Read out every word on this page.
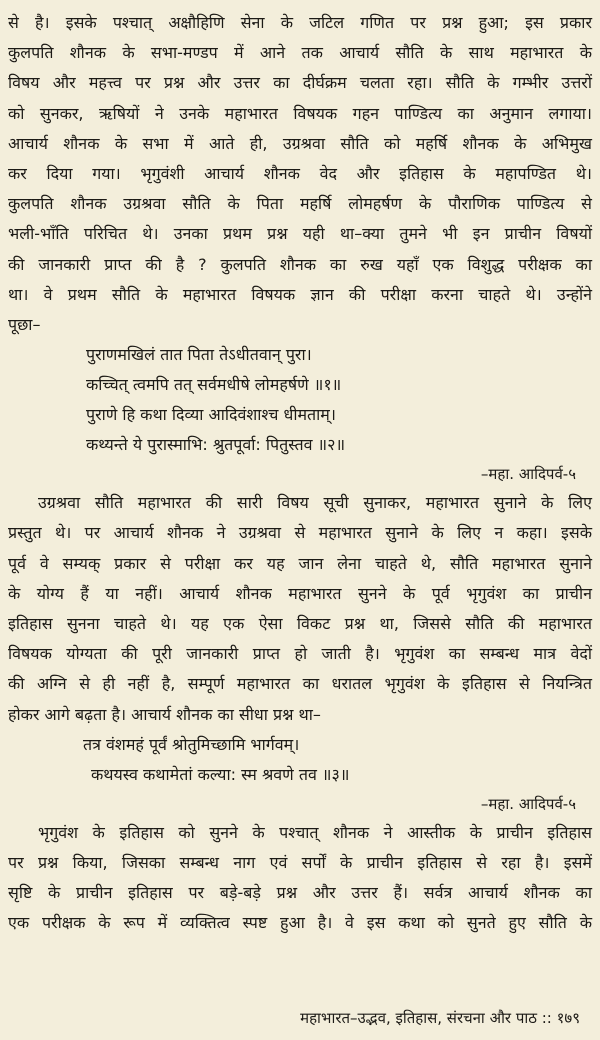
से है। इसके पश्चात् अक्षौहिणि सेना के जटिल गणित पर प्रश्न हुआ; इस प्रकार
कुलपति शौनक के सभा-मण्डप में आने तक आचार्य सौति के साथ महाभारत के
विषय और महत्त्व पर प्रश्न और उत्तर का दीर्घक्रम चलता रहा। सौति के गम्भीर उत्तरों
को सुनकर, ऋषियों ने उनके महाभारत विषयक गहन पाण्डित्य का अनुमान लगाया।
आचार्य शौनक के सभा में आते ही, उग्रश्रवा सौति को महर्षि शौनक के अभिमुख
कर दिया गया। भृगुवंशी आचार्य शौनक वेद और इतिहास के महापण्डित थे।
कुलपति शौनक उग्रश्रवा सौति के पिता महर्षि लोमहर्षण के पौराणिक पाण्डित्य से
भली-भाँति परिचित थे। उनका प्रथम प्रश्न यही था–क्या तुमने भी इन प्राचीन विषयों
की जानकारी प्राप्त की है ? कुलपति शौनक का रुख यहाँ एक विशुद्ध परीक्षक का
था। वे प्रथम सौति के महाभारत विषयक ज्ञान की परीक्षा करना चाहते थे। उन्होंने
पूछा–
पुराणमखिलं तात पिता तेऽधीतवान् पुरा।
कच्चित् त्वमपि तत् सर्वमधीषे लोमहर्षणे ॥१॥
पुराणे हि कथा दिव्या आदिवंशाश्च धीमताम्।
कथ्यन्ते ये पुरास्माभि: श्रुतपूर्वा: पितुस्तव ॥२॥

–महा. आदिपर्व-५

उग्रश्रवा सौति महाभारत की सारी विषय सूची सुनाकर, महाभारत सुनाने के लिए
प्रस्तुत थे। पर आचार्य शौनक ने उग्रश्रवा से महाभारत सुनाने के लिए न कहा। इसके
पूर्व वे सम्यक् प्रकार से परीक्षा कर यह जान लेना चाहते थे, सौति महाभारत सुनाने
के योग्य हैं या नहीं। आचार्य शौनक महाभारत सुनने के पूर्व भृगुवंश का प्राचीन
इतिहास सुनना चाहते थे। यह एक ऐसा विकट प्रश्न था, जिससे सौति की महाभारत
विषयक योग्यता की पूरी जानकारी प्राप्त हो जाती है। भृगुवंश का सम्बन्ध मात्र वेदों
की अग्नि से ही नहीं है, सम्पूर्ण महाभारत का धरातल भृगुवंश के इतिहास से नियन्त्रित
होकर आगे बढ़ता है। आचार्य शौनक का सीधा प्रश्न था–
तत्र वंशमहं पूर्वं श्रोतुमिच्छामि भार्गवम्।
कथयस्व कथामेतां कल्या: स्म श्रवणे तव ॥३॥

–महा. आदिपर्व-५

भृगुवंश के इतिहास को सुनने के पश्चात् शौनक ने आस्तीक के प्राचीन इतिहास
पर प्रश्न किया, जिसका सम्बन्ध नाग एवं सर्पों के प्राचीन इतिहास से रहा है। इसमें
सृष्टि के प्राचीन इतिहास पर बड़े-बड़े प्रश्न और उत्तर हैं। सर्वत्र आचार्य शौनक का
एक परीक्षक के रूप में व्यक्तित्व स्पष्ट हुआ है। वे इस कथा को सुनते हुए सौति के
महाभारत–उद्भव, इतिहास, संरचना और पाठ :: १७९
